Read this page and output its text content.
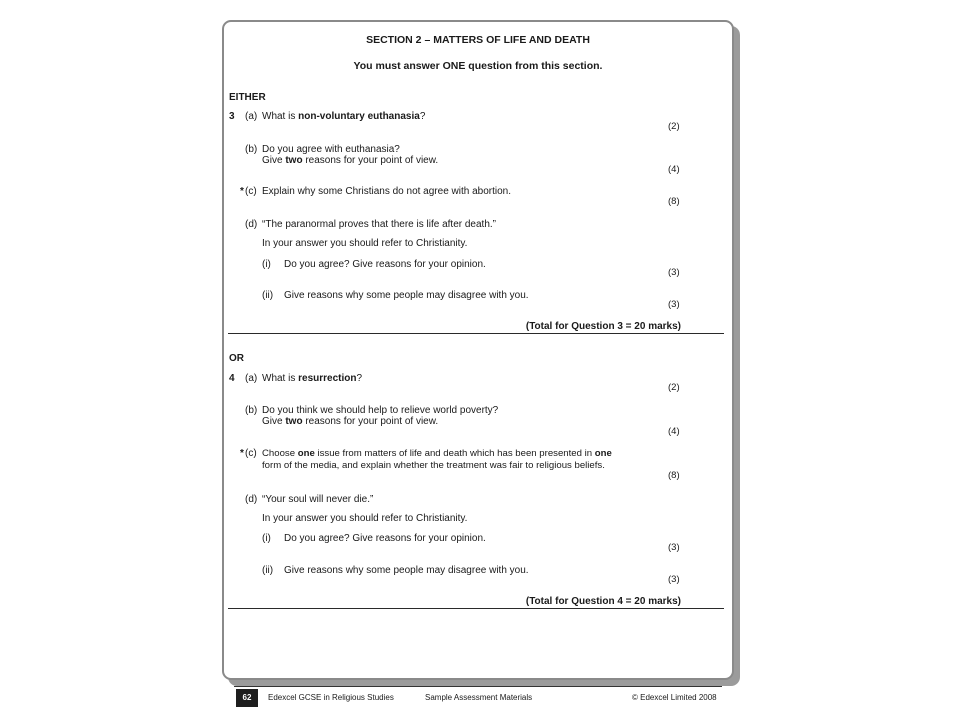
SECTION 2 – MATTERS OF LIFE AND DEATH
You must answer ONE question from this section.
EITHER
3 (a) What is non-voluntary euthanasia?
(2)
(b) Do you agree with euthanasia?
Give two reasons for your point of view.
(4)
* (c) Explain why some Christians do not agree with abortion.
(8)
(d) “The paranormal proves that there is life after death.”
In your answer you should refer to Christianity.
(i) Do you agree? Give reasons for your opinion.
(3)
(ii) Give reasons why some people may disagree with you.
(3)
(Total for Question 3 = 20 marks)
OR
4 (a) What is resurrection?
(2)
(b) Do you think we should help to relieve world poverty?
Give two reasons for your point of view.
(4)
* (c) Choose one issue from matters of life and death which has been presented in one
form of the media, and explain whether the treatment was fair to religious beliefs.
(8)
(d) “Your soul will never die.”
In your answer you should refer to Christianity.
(i) Do you agree? Give reasons for your opinion.
(3)
(ii) Give reasons why some people may disagree with you.
(3)
(Total for Question 4 = 20 marks)
62	Edexcel GCSE in Religious Studies	Sample Assessment Materials	© Edexcel Limited 2008
